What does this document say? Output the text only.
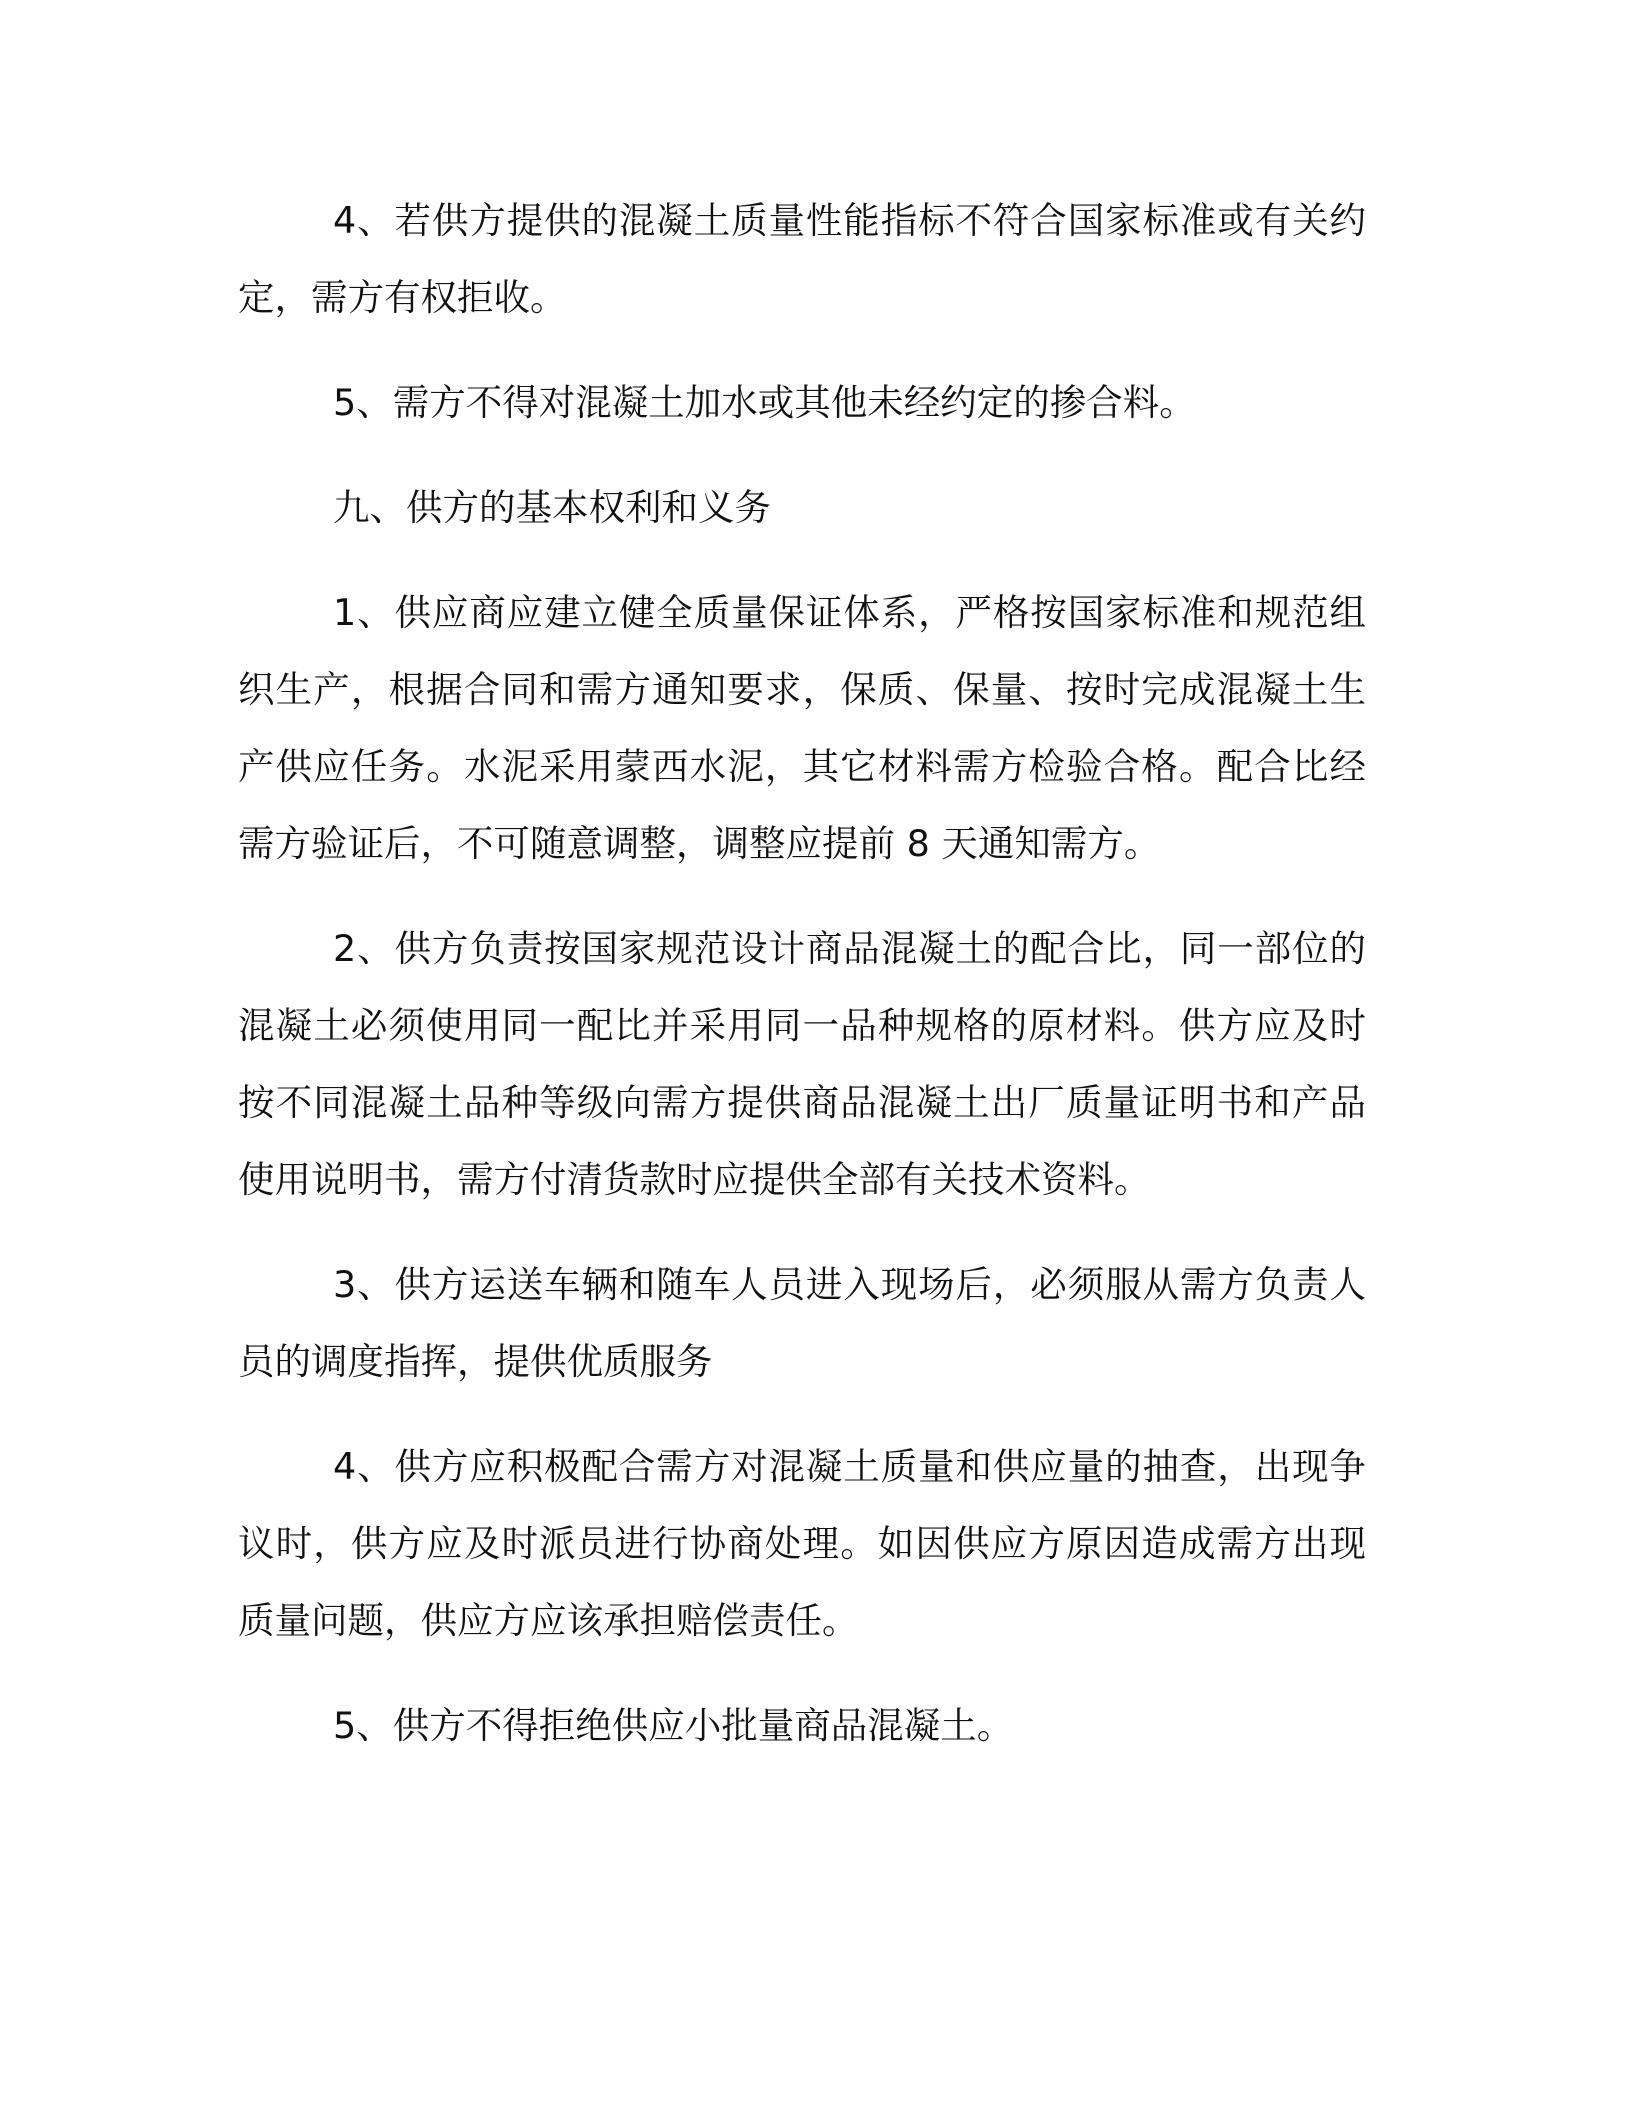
4、若供方提供的混凝土质量性能指标不符合国家标准或有关约定，需方有权拒收。

5、需方不得对混凝土加水或其他未经约定的掺合料。

九、供方的基本权利和义务

1、供应商应建立健全质量保证体系，严格按国家标准和规范组织生产，根据合同和需方通知要求，保质、保量、按时完成混凝土生产供应任务。水泥采用蒙西水泥，其它材料需方检验合格。配合比经需方验证后，不可随意调整，调整应提前 8 天通知需方。

2、供方负责按国家规范设计商品混凝土的配合比，同一部位的混凝土必须使用同一配比并采用同一品种规格的原材料。供方应及时按不同混凝土品种等级向需方提供商品混凝土出厂质量证明书和产品使用说明书，需方付清货款时应提供全部有关技术资料。

3、供方运送车辆和随车人员进入现场后，必须服从需方负责人员的调度指挥，提供优质服务

4、供方应积极配合需方对混凝土质量和供应量的抽查，出现争议时，供方应及时派员进行协商处理。如因供应方原因造成需方出现质量问题，供应方应该承担赔偿责任。

5、供方不得拒绝供应小批量商品混凝土。
